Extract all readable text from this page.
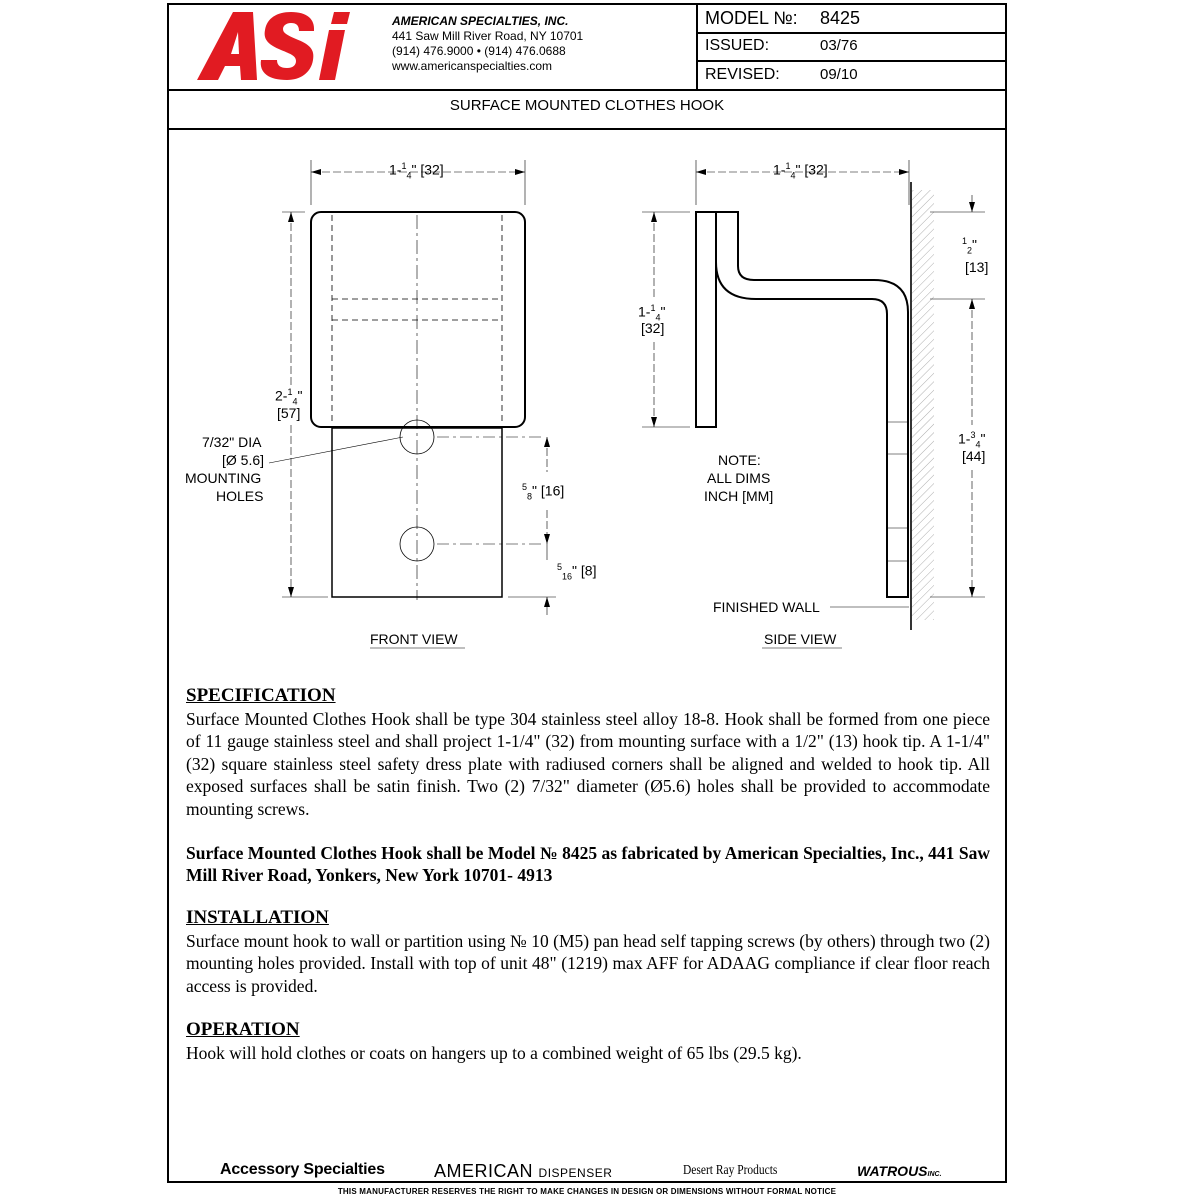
AMERICAN SPECIALTIES, INC.
441 Saw Mill River Road, NY 10701
(914) 476.9000 • (914) 476.0688
www.americanspecialties.com
MODEL №: 8425
ISSUED:	03/76
REVISED:	09/10
SURFACE MOUNTED CLOTHES HOOK
1-$^1_4$" [32]
2-$^1_4$"
[57]
7/32" DIA
[Ø 5.6]
MOUNTING
HOLES
$^5_8$" [16]
$^5_{16}$" [8]
FRONT VIEW
1-$^1_4$" [32]
1-$^1_4$"
[32]
$^1_2$"
[13]
1-$^3_4$"
[44]
NOTE:
ALL DIMS
INCH [MM]
FINISHED WALL
SIDE VIEW
SPECIFICATION
Surface Mounted Clothes Hook shall be type 304 stainless steel alloy 18-8. Hook shall be formed from one piece of 11 gauge stainless steel and shall project 1-1/4" (32) from mounting surface with a 1/2" (13) hook tip. A 1-1/4" (32) square stainless steel safety dress plate with radiused corners shall be aligned and welded to hook tip. All exposed surfaces shall be satin finish. Two (2) 7/32" diameter (Ø5.6) holes shall be provided to accommodate mounting screws.
Surface Mounted Clothes Hook shall be Model № 8425 as fabricated by American Specialties, Inc., 441 Saw Mill River Road, Yonkers, New York 10701- 4913
INSTALLATION
Surface mount hook to wall or partition using № 10 (M5) pan head self tapping screws (by others) through two (2) mounting holes provided. Install with top of unit 48" (1219) max AFF for ADAAG compliance if clear floor reach access is provided.
OPERATION
Hook will hold clothes or coats on hangers up to a combined weight of 65 lbs (29.5 kg).
Accessory Specialties	AMERICAN DISPENSER	Desert Ray Products	WATROUSINC.
THIS MANUFACTURER RESERVES THE RIGHT TO MAKE CHANGES IN DESIGN OR DIMENSIONS WITHOUT FORMAL NOTICE
